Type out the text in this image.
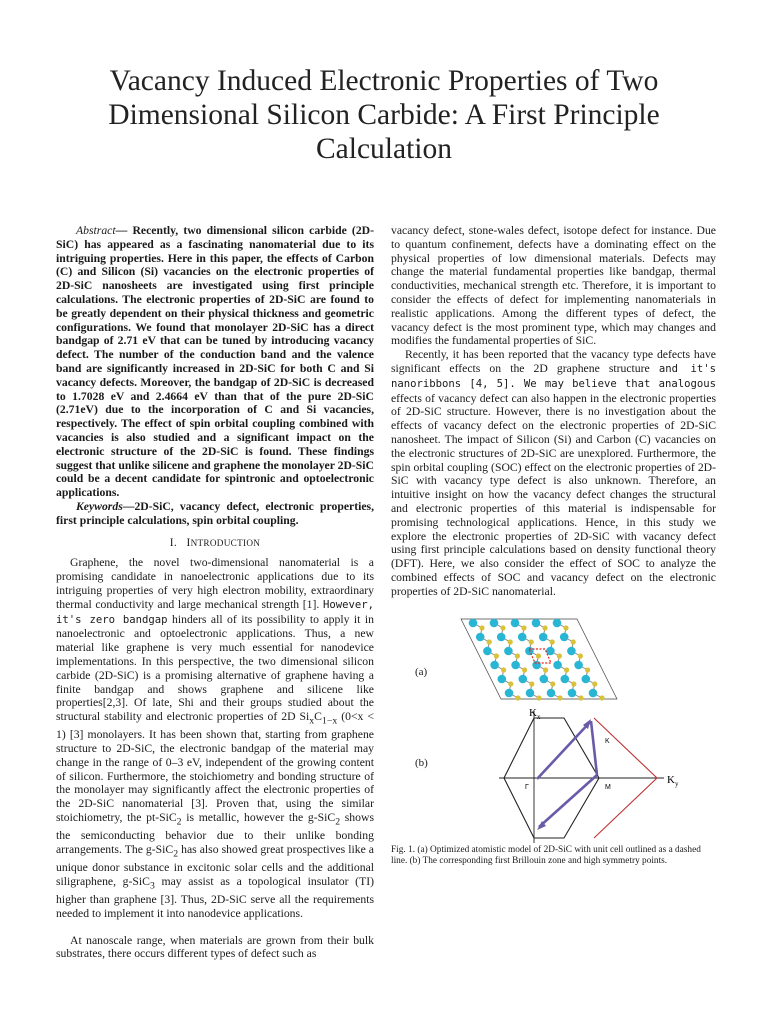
Vacancy Induced Electronic Properties of Two Dimensional Silicon Carbide: A First Principle Calculation

Abstract— Recently, two dimensional silicon carbide (2D-SiC) has appeared as a fascinating nanomaterial due to its intriguing properties. Here in this paper, the effects of Carbon (C) and Silicon (Si) vacancies on the electronic properties of 2D-SiC nanosheets are investigated using first principle calculations. The electronic properties of 2D-SiC are found to be greatly dependent on their physical thickness and geometric configurations. We found that monolayer 2D-SiC has a direct bandgap of 2.71 eV that can be tuned by introducing vacancy defect. The number of the conduction band and the valence band are significantly increased in 2D-SiC for both C and Si vacancy defects. Moreover, the bandgap of 2D-SiC is decreased to 1.7028 eV and 2.4664 eV than that of the pure 2D-SiC (2.71eV) due to the incorporation of C and Si vacancies, respectively. The effect of spin orbital coupling combined with vacancies is also studied and a significant impact on the electronic structure of the 2D-SiC is found. These findings suggest that unlike silicene and graphene the monolayer 2D-SiC could be a decent candidate for spintronic and optoelectronic applications.

Keywords—2D-SiC, vacancy defect, electronic properties, first principle calculations, spin orbital coupling.

I. INTRODUCTION

Graphene, the novel two-dimensional nanomaterial is a promising candidate in nanoelectronic applications due to its intriguing properties of very high electron mobility, extraordinary thermal conductivity and large mechanical strength [1]. However, it's zero bandgap hinders all of its possibility to apply it in nanoelectronic and optoelectronic applications. Thus, a new material like graphene is very much essential for nanodevice implementations. In this perspective, the two dimensional silicon carbide (2D-SiC) is a promising alternative of graphene having a finite bandgap and shows graphene and silicene like properties[2,3]. Of late, Shi and their groups studied about the structural stability and electronic properties of 2D $Si_xC_{1-x}$ (0<x < 1) [3] monolayers. It has been shown that, starting from graphene structure to 2D-SiC, the electronic bandgap of the material may change in the range of 0–3 eV, independent of the growing content of silicon. Furthermore, the stoichiometry and bonding structure of the monolayer may significantly affect the electronic properties of the 2D-SiC nanomaterial [3]. Proven that, using the similar stoichiometry, the pt-SiC$_2$ is metallic, however the g-SiC$_2$ shows the semiconducting behavior due to their unlike bonding arrangements. The g-SiC$_2$ has also showed great prospectives like a unique donor substance in excitonic solar cells and the additional siligraphene, g-SiC$_3$ may assist as a topological insulator (TI) higher than graphene [3]. Thus, 2D-SiC serve all the requirements needed to implement it into nanodevice applications.

At nanoscale range, when materials are grown from their bulk substrates, there occurs different types of defect such as

vacancy defect, stone-wales defect, isotope defect for instance. Due to quantum confinement, defects have a dominating effect on the physical properties of low dimensional materials. Defects may change the material fundamental properties like bandgap, thermal conductivities, mechanical strength etc. Therefore, it is important to consider the effects of defect for implementing nanomaterials in realistic applications. Among the different types of defect, the vacancy defect is the most prominent type, which may changes and modifies the fundamental properties of SiC.

Recently, it has been reported that the vacancy type defects have significant effects on the 2D graphene structure and it's nanoribbons [4, 5]. We may believe that analogous effects of vacancy defect can also happen in the electronic properties of 2D-SiC structure. However, there is no investigation about the effects of vacancy defect on the electronic properties of 2D-SiC nanosheet. The impact of Silicon (Si) and Carbon (C) vacancies on the electronic structures of 2D-SiC are unexplored. Furthermore, the spin orbital coupling (SOC) effect on the electronic properties of 2D-SiC with vacancy type defect is also unknown. Therefore, an intuitive insight on how the vacancy defect changes the structural and electronic properties of this material is indispensable for promising technological applications. Hence, in this study we explore the electronic properties of 2D-SiC with vacancy defect using first principle calculations based on density functional theory (DFT). Here, we also consider the effect of SOC to analyze the combined effects of SOC and vacancy defect on the electronic properties of 2D-SiC nanomaterial.

(a)
(b)
$K_x$
$K_y$
K
M
Γ

Fig. 1. (a) Optimized atomistic model of 2D-SiC with unit cell outlined as a dashed line. (b) The corresponding first Brillouin zone and high symmetry points.
